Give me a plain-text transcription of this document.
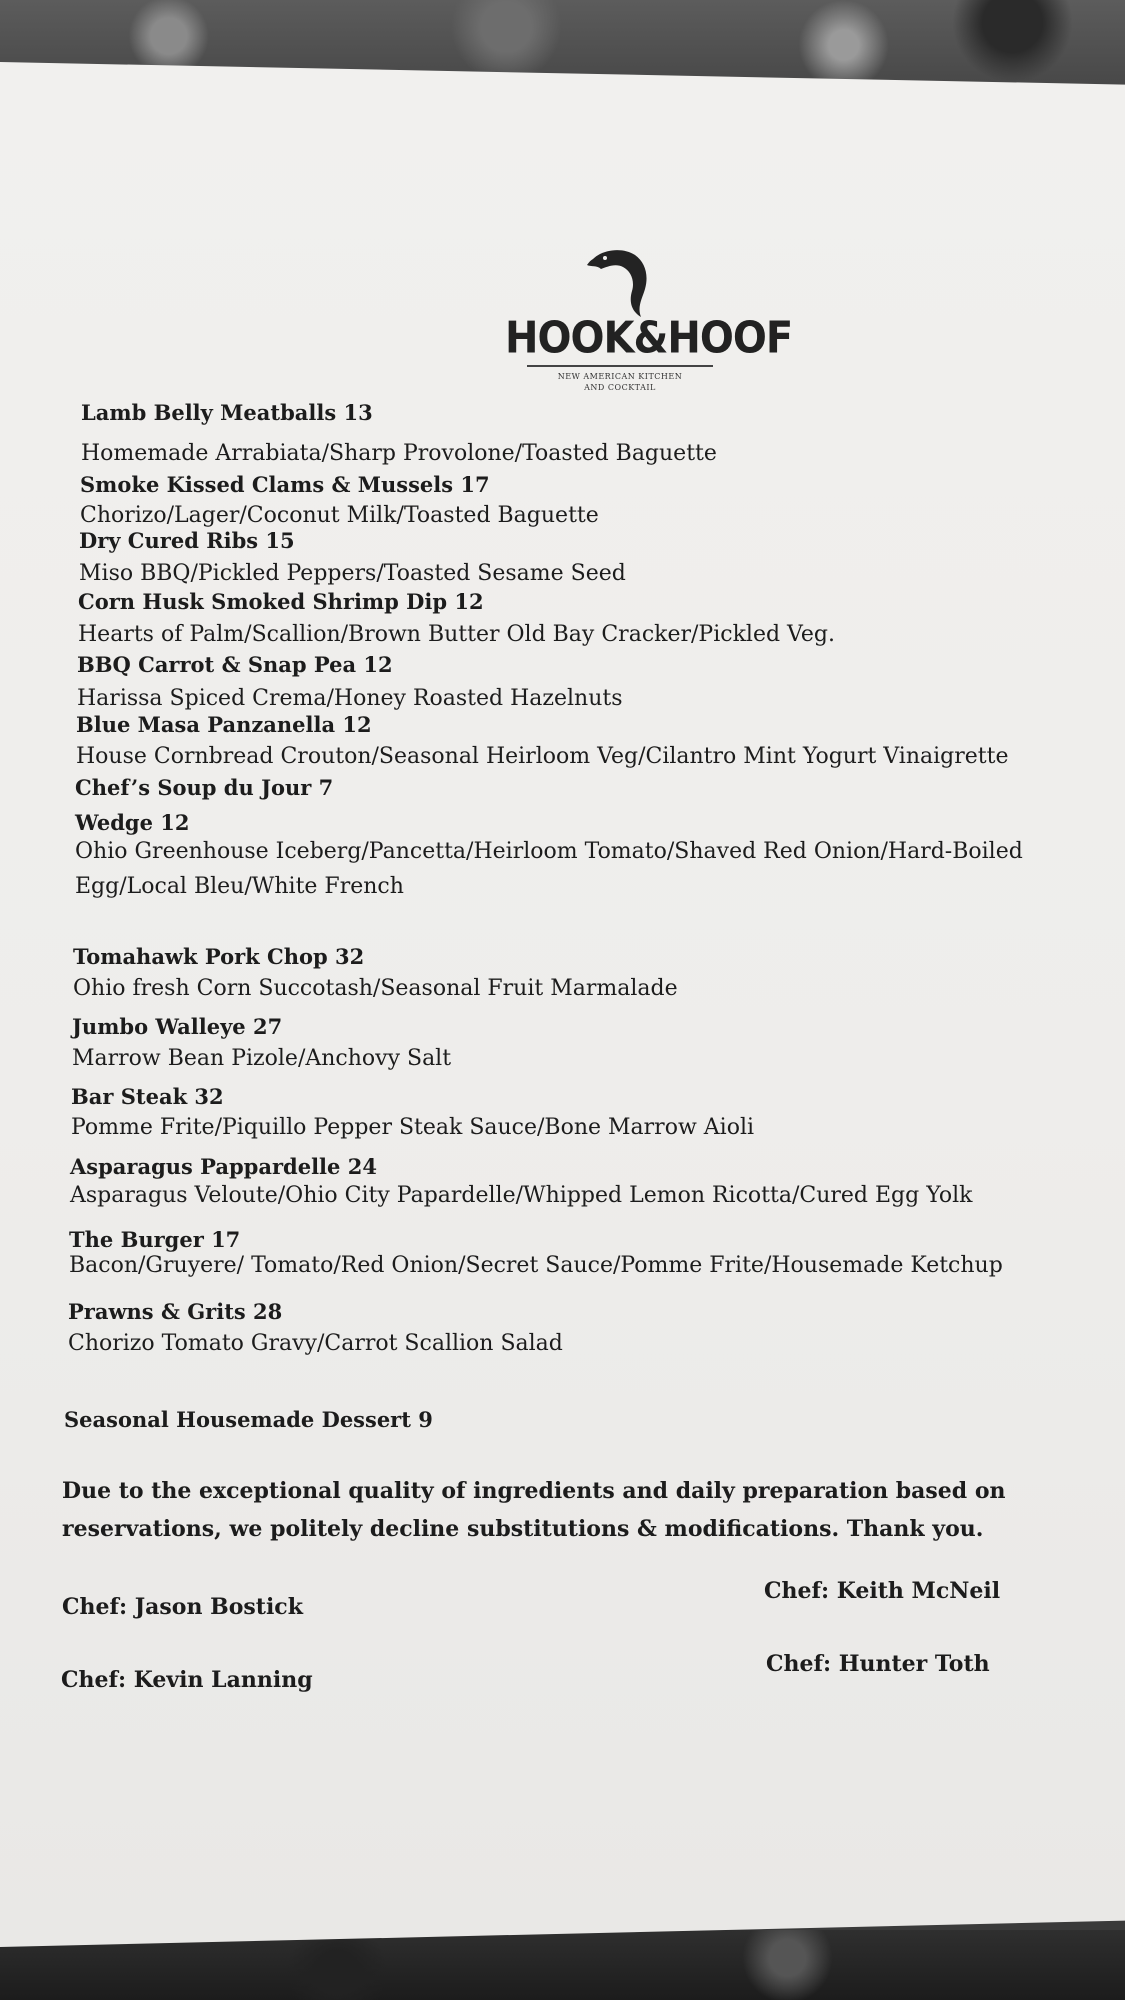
HOOK&HOOF
NEW AMERICAN KITCHEN
AND COCKTAIL
Lamb Belly Meatballs 13
Homemade Arrabiata/Sharp Provolone/Toasted Baguette
Smoke Kissed Clams & Mussels 17
Chorizo/Lager/Coconut Milk/Toasted Baguette
Dry Cured Ribs 15
Miso BBQ/Pickled Peppers/Toasted Sesame Seed
Corn Husk Smoked Shrimp Dip 12
Hearts of Palm/Scallion/Brown Butter Old Bay Cracker/Pickled Veg.
BBQ Carrot & Snap Pea 12
Harissa Spiced Crema/Honey Roasted Hazelnuts
Blue Masa Panzanella 12
House Cornbread Crouton/Seasonal Heirloom Veg/Cilantro Mint Yogurt Vinaigrette
Chef’s Soup du Jour 7
Wedge 12
Ohio Greenhouse Iceberg/Pancetta/Heirloom Tomato/Shaved Red Onion/Hard-Boiled
Egg/Local Bleu/White French
Tomahawk Pork Chop 32
Ohio fresh Corn Succotash/Seasonal Fruit Marmalade
Jumbo Walleye 27
Marrow Bean Pizole/Anchovy Salt
Bar Steak 32
Pomme Frite/Piquillo Pepper Steak Sauce/Bone Marrow Aioli
Asparagus Pappardelle 24
Asparagus Veloute/Ohio City Papardelle/Whipped Lemon Ricotta/Cured Egg Yolk
The Burger 17
Bacon/Gruyere/ Tomato/Red Onion/Secret Sauce/Pomme Frite/Housemade Ketchup
Prawns & Grits 28
Chorizo Tomato Gravy/Carrot Scallion Salad
Seasonal Housemade Dessert 9
Due to the exceptional quality of ingredients and daily preparation based on
reservations, we politely decline substitutions & modifications. Thank you.
Chef: Jason Bostick
Chef: Keith McNeil
Chef: Kevin Lanning
Chef: Hunter Toth
